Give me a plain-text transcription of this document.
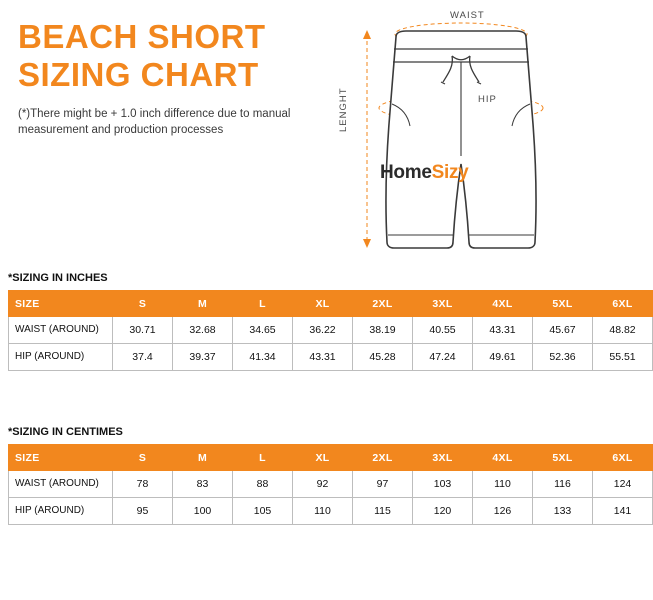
BEACH SHORT
SIZING CHART
(*)There might be + 1.0 inch difference due to manual measurement and production processes
WAIST
HIP
LENGHT
HomeSizy
*SIZING IN INCHES
SIZE	S	M	L	XL	2XL	3XL	4XL	5XL	6XL
WAIST (AROUND)	30.71	32.68	34.65	36.22	38.19	40.55	43.31	45.67	48.82
HIP (AROUND)	37.4	39.37	41.34	43.31	45.28	47.24	49.61	52.36	55.51
*SIZING IN CENTIMES
SIZE	S	M	L	XL	2XL	3XL	4XL	5XL	6XL
WAIST (AROUND)	78	83	88	92	97	103	110	116	124
HIP (AROUND)	95	100	105	110	115	120	126	133	141
